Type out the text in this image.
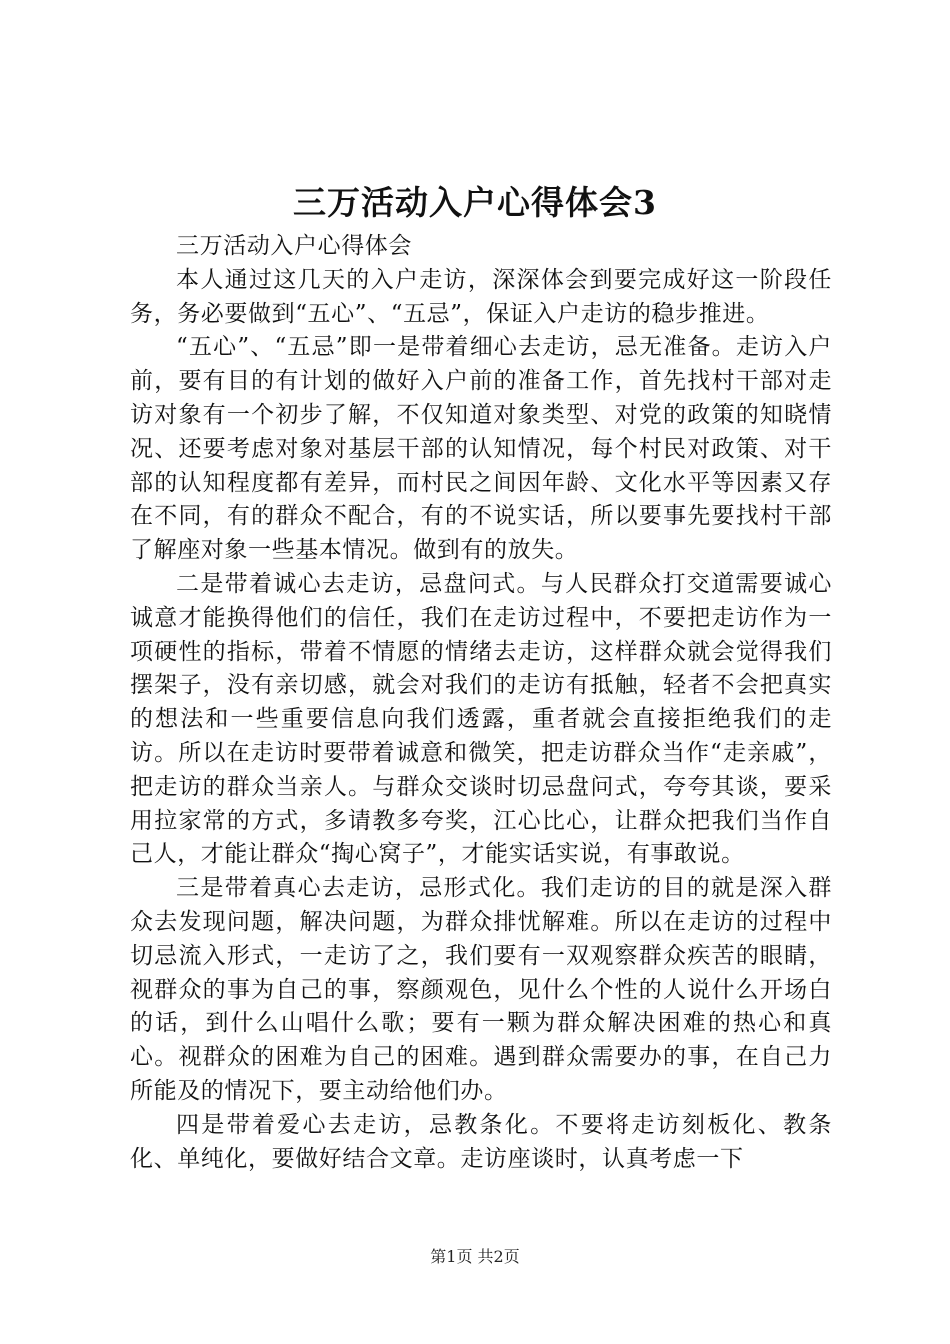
三万活动入户心得体会3

三万活动入户心得体会

本人通过这几天的入户走访，深深体会到要完成好这一阶段任务，务必要做到“五心”、“五忌”，保证入户走访的稳步推进。

“五心”、“五忌”即一是带着细心去走访，忌无准备。走访入户前，要有目的有计划的做好入户前的准备工作，首先找村干部对走访对象有一个初步了解，不仅知道对象类型、对党的政策的知晓情况、还要考虑对象对基层干部的认知情况，每个村民对政策、对干部的认知程度都有差异，而村民之间因年龄、文化水平等因素又存在不同，有的群众不配合，有的不说实话，所以要事先要找村干部了解座对象一些基本情况。做到有的放失。

二是带着诚心去走访，忌盘问式。与人民群众打交道需要诚心诚意才能换得他们的信任，我们在走访过程中，不要把走访作为一项硬性的指标，带着不情愿的情绪去走访，这样群众就会觉得我们摆架子，没有亲切感，就会对我们的走访有抵触，轻者不会把真实的想法和一些重要信息向我们透露，重者就会直接拒绝我们的走访。所以在走访时要带着诚意和微笑，把走访群众当作“走亲戚”，把走访的群众当亲人。与群众交谈时切忌盘问式，夸夸其谈，要采用拉家常的方式，多请教多夸奖，江心比心，让群众把我们当作自己人，才能让群众“掏心窝子”，才能实话实说，有事敢说。

三是带着真心去走访，忌形式化。我们走访的目的就是深入群众去发现问题，解决问题，为群众排忧解难。所以在走访的过程中切忌流入形式，一走访了之，我们要有一双观察群众疾苦的眼睛，视群众的事为自己的事，察颜观色，见什么个性的人说什么开场白的话，到什么山唱什么歌；要有一颗为群众解决困难的热心和真心。视群众的困难为自己的困难。遇到群众需要办的事，在自己力所能及的情况下，要主动给他们办。

四是带着爱心去走访，忌教条化。不要将走访刻板化、教条化、单纯化，要做好结合文章。走访座谈时，认真考虑一下

第1页 共2页
